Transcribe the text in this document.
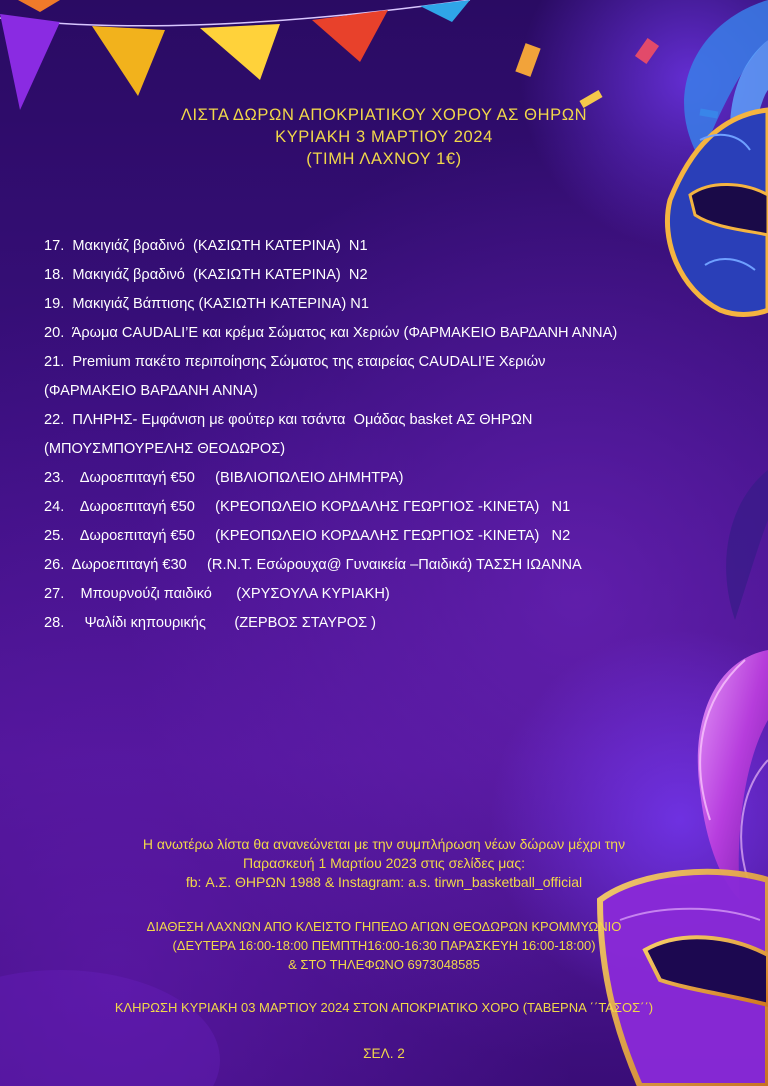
ΛΙΣΤΑ ΔΩΡΩΝ ΑΠΟΚΡΙΑΤΙΚΟΥ ΧΟΡΟΥ ΑΣ ΘΗΡΩΝ
ΚΥΡΙΑΚΗ 3 ΜΑΡΤΙΟΥ 2024
(ΤΙΜΗ ΛΑΧΝΟΥ 1€)
17.  Μακιγιάζ βραδινό  (ΚΑΣΙΩΤΗ ΚΑΤΕΡΙΝΑ)  Ν1
18.  Μακιγιάζ βραδινό  (ΚΑΣΙΩΤΗ ΚΑΤΕΡΙΝΑ)  Ν2
19.  Μακιγιάζ Βάπτισης (ΚΑΣΙΩΤΗ ΚΑΤΕΡΙΝΑ) Ν1
20.  Άρωμα CAUDALI’E και κρέμα Σώματος και Χεριών (ΦΑΡΜΑΚΕΙΟ ΒΑΡΔΑΝΗ ΑΝΝΑ)
21.  Premium πακέτο περιποίησης Σώματος της εταιρείας CAUDALI’E Χεριών
(ΦΑΡΜΑΚΕΙΟ ΒΑΡΔΑΝΗ ΑΝΝΑ)
22.  ΠΛΗΡΗΣ- Εμφάνιση με φούτερ και τσάντα  Ομάδας basket ΑΣ ΘΗΡΩΝ
(ΜΠΟΥΣΜΠΟΥΡΕΛΗΣ ΘΕΟΔΩΡΟΣ)
23.    Δωροεπιταγή €50     (ΒΙΒΛΙΟΠΩΛΕΙΟ ΔΗΜΗΤΡΑ)
24.    Δωροεπιταγή €50     (ΚΡΕΟΠΩΛΕΙΟ ΚΟΡΔΑΛΗΣ ΓΕΩΡΓΙΟΣ -ΚΙΝΕΤΑ)   Ν1
25.    Δωροεπιταγή €50     (ΚΡΕΟΠΩΛΕΙΟ ΚΟΡΔΑΛΗΣ ΓΕΩΡΓΙΟΣ -ΚΙΝΕΤΑ)   Ν2
26.  Δωροεπιταγή €30     (R.N.T. Εσώρουχα@ Γυναικεία –Παιδικά) ΤΑΣΣΗ ΙΩΑΝΝΑ
27.    Μπουρνούζι παιδικό      (ΧΡΥΣΟΥΛΑ ΚΥΡΙΑΚΗ)
28.     Ψαλίδι κηπουρικής       (ΖΕΡΒΟΣ ΣΤΑΥΡΟΣ )
Η ανωτέρω λίστα θα ανανεώνεται με την συμπλήρωση νέων δώρων μέχρι την
Παρασκευή 1 Μαρτίου 2023 στις σελίδες μας:
fb: Α.Σ. ΘΗΡΩΝ 1988 & Instagram: a.s. tirwn_basketball_official
ΔΙΑΘΕΣΗ ΛΑΧΝΩΝ ΑΠΟ ΚΛΕΙΣΤΟ ΓΗΠΕΔΟ ΑΓΙΩΝ ΘΕΟΔΩΡΩΝ ΚΡΟΜΜΥΩΝΙΟ
(ΔΕΥΤΕΡΑ 16:00-18:00 ΠΕΜΠΤΗ16:00-16:30 ΠΑΡΑΣΚΕΥΗ 16:00-18:00)
& ΣΤΟ ΤΗΛΕΦΩΝΟ 6973048585
ΚΛΗΡΩΣΗ ΚΥΡΙΑΚΗ 03 ΜΑΡΤΙΟΥ 2024 ΣΤΟΝ ΑΠΟΚΡΙΑΤΙΚΟ ΧΟΡΟ (ΤΑΒΕΡΝΑ ΄΄ΤΑΣΟΣ΄΄)
ΣΕΛ. 2
